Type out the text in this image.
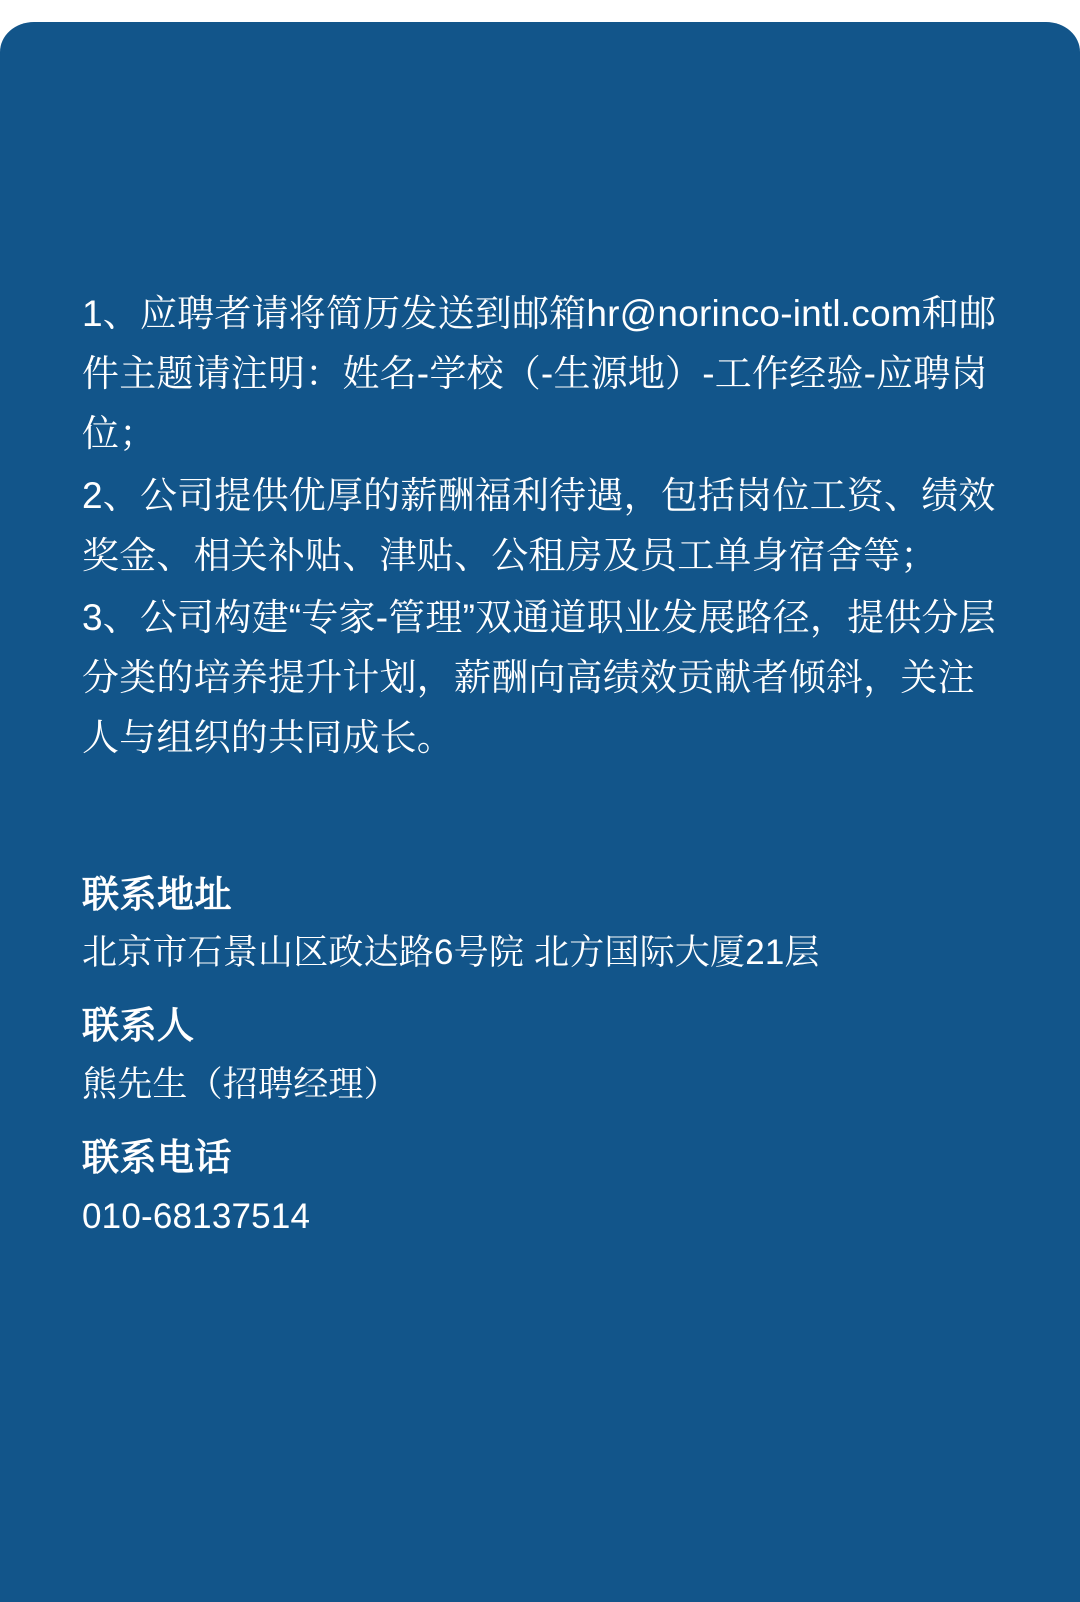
1、应聘者请将简历发送到邮箱hr@norinco-intl.com和邮件主题请注明：姓名-学校（-生源地）-工作经验-应聘岗位；

2、公司提供优厚的薪酬福利待遇，包括岗位工资、绩效奖金、相关补贴、津贴、公租房及员工单身宿舍等；

3、公司构建“专家-管理”双通道职业发展路径，提供分层分类的培养提升计划，薪酬向高绩效贡献者倾斜，关注人与组织的共同成长。

联系地址

北京市石景山区政达路6号院 北方国际大厦21层

联系人

熊先生（招聘经理）

联系电话

010-68137514
